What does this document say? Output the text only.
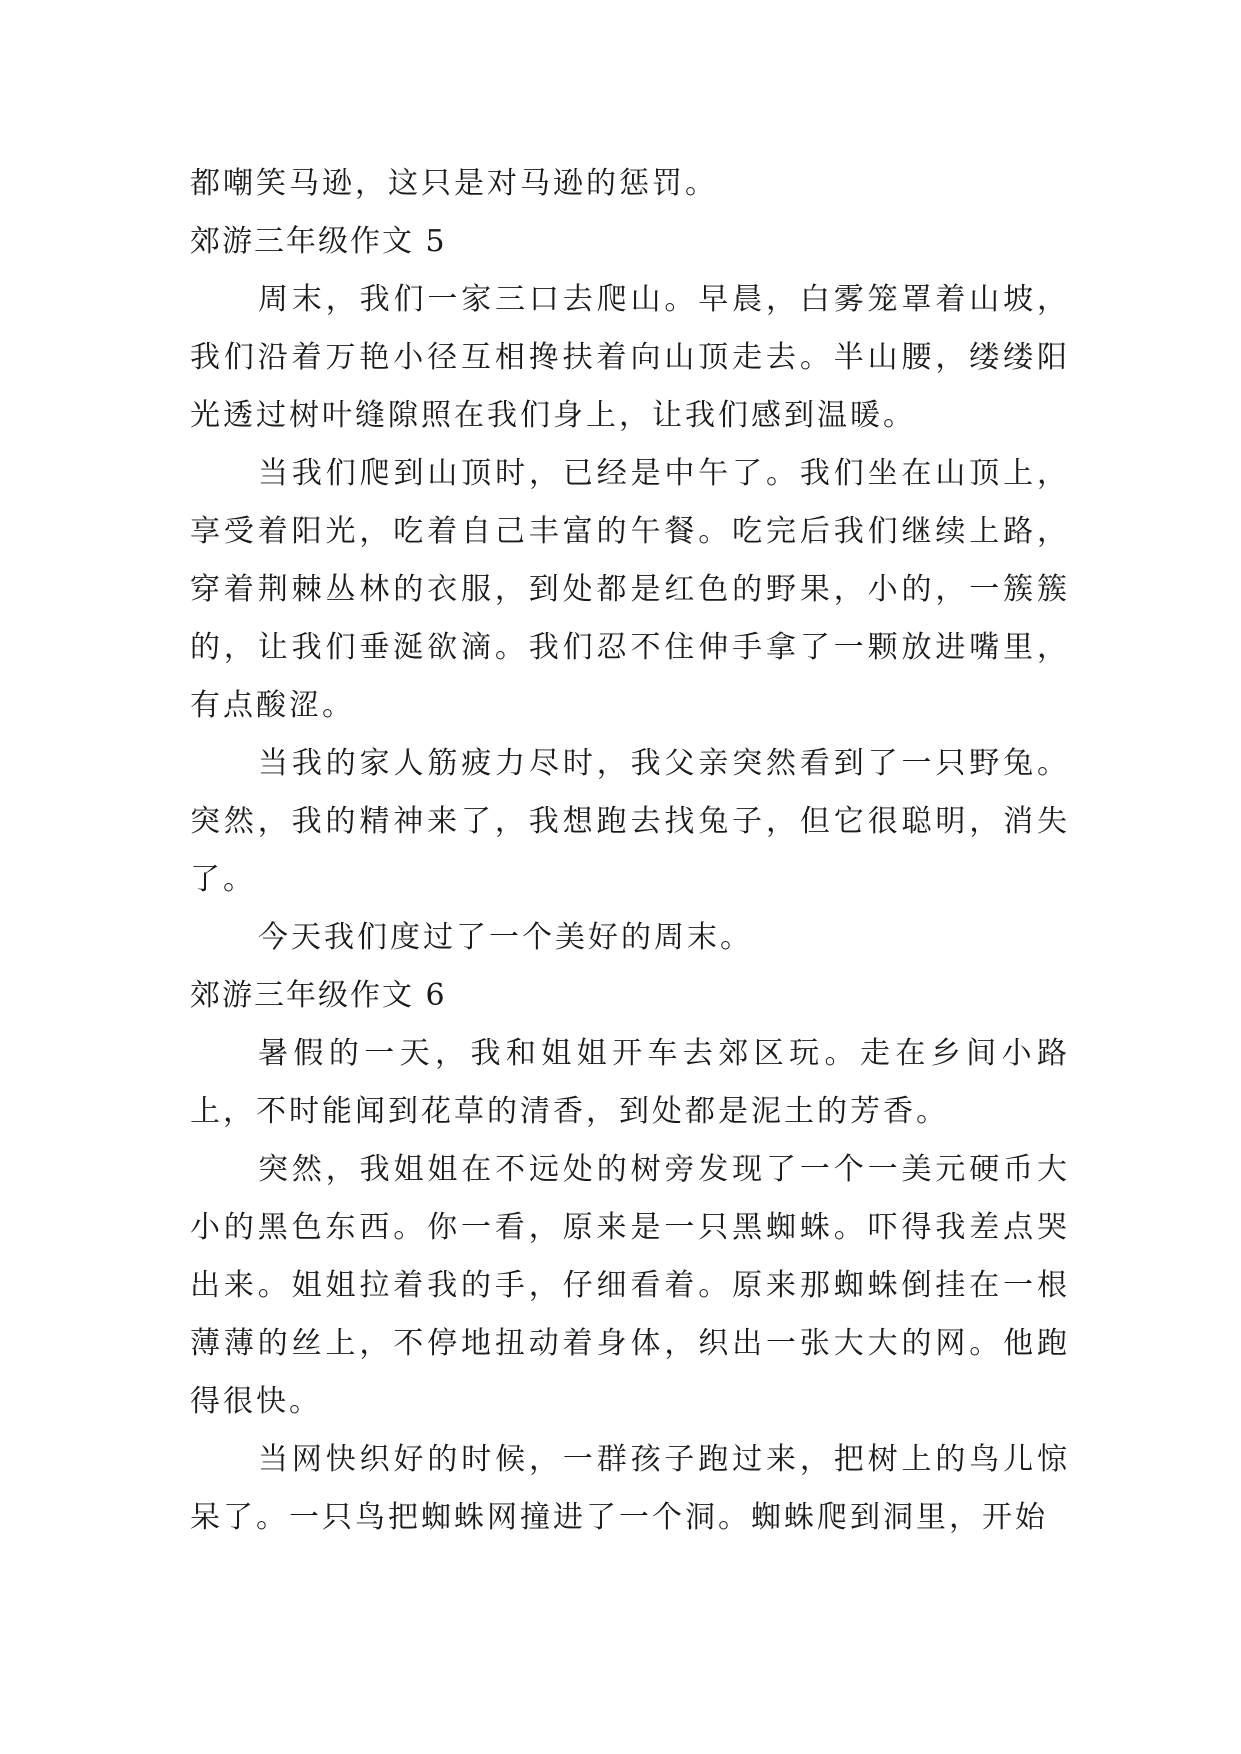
都嘲笑马逊，这只是对马逊的惩罚。

郊游三年级作文 5

周末，我们一家三口去爬山。早晨，白雾笼罩着山坡，我们沿着万艳小径互相搀扶着向山顶走去。半山腰，缕缕阳光透过树叶缝隙照在我们身上，让我们感到温暖。

当我们爬到山顶时，已经是中午了。我们坐在山顶上，享受着阳光，吃着自己丰富的午餐。吃完后我们继续上路，穿着荆棘丛林的衣服，到处都是红色的野果，小的，一簇簇的，让我们垂涎欲滴。我们忍不住伸手拿了一颗放进嘴里，有点酸涩。

当我的家人筋疲力尽时，我父亲突然看到了一只野兔。突然，我的精神来了，我想跑去找兔子，但它很聪明，消失了。

今天我们度过了一个美好的周末。

郊游三年级作文 6

暑假的一天，我和姐姐开车去郊区玩。走在乡间小路上，不时能闻到花草的清香，到处都是泥土的芳香。

突然，我姐姐在不远处的树旁发现了一个一美元硬币大小的黑色东西。你一看，原来是一只黑蜘蛛。吓得我差点哭出来。姐姐拉着我的手，仔细看着。原来那蜘蛛倒挂在一根薄薄的丝上，不停地扭动着身体，织出一张大大的网。他跑得很快。

当网快织好的时候，一群孩子跑过来，把树上的鸟儿惊呆了。一只鸟把蜘蛛网撞进了一个洞。蜘蛛爬到洞里，开始
